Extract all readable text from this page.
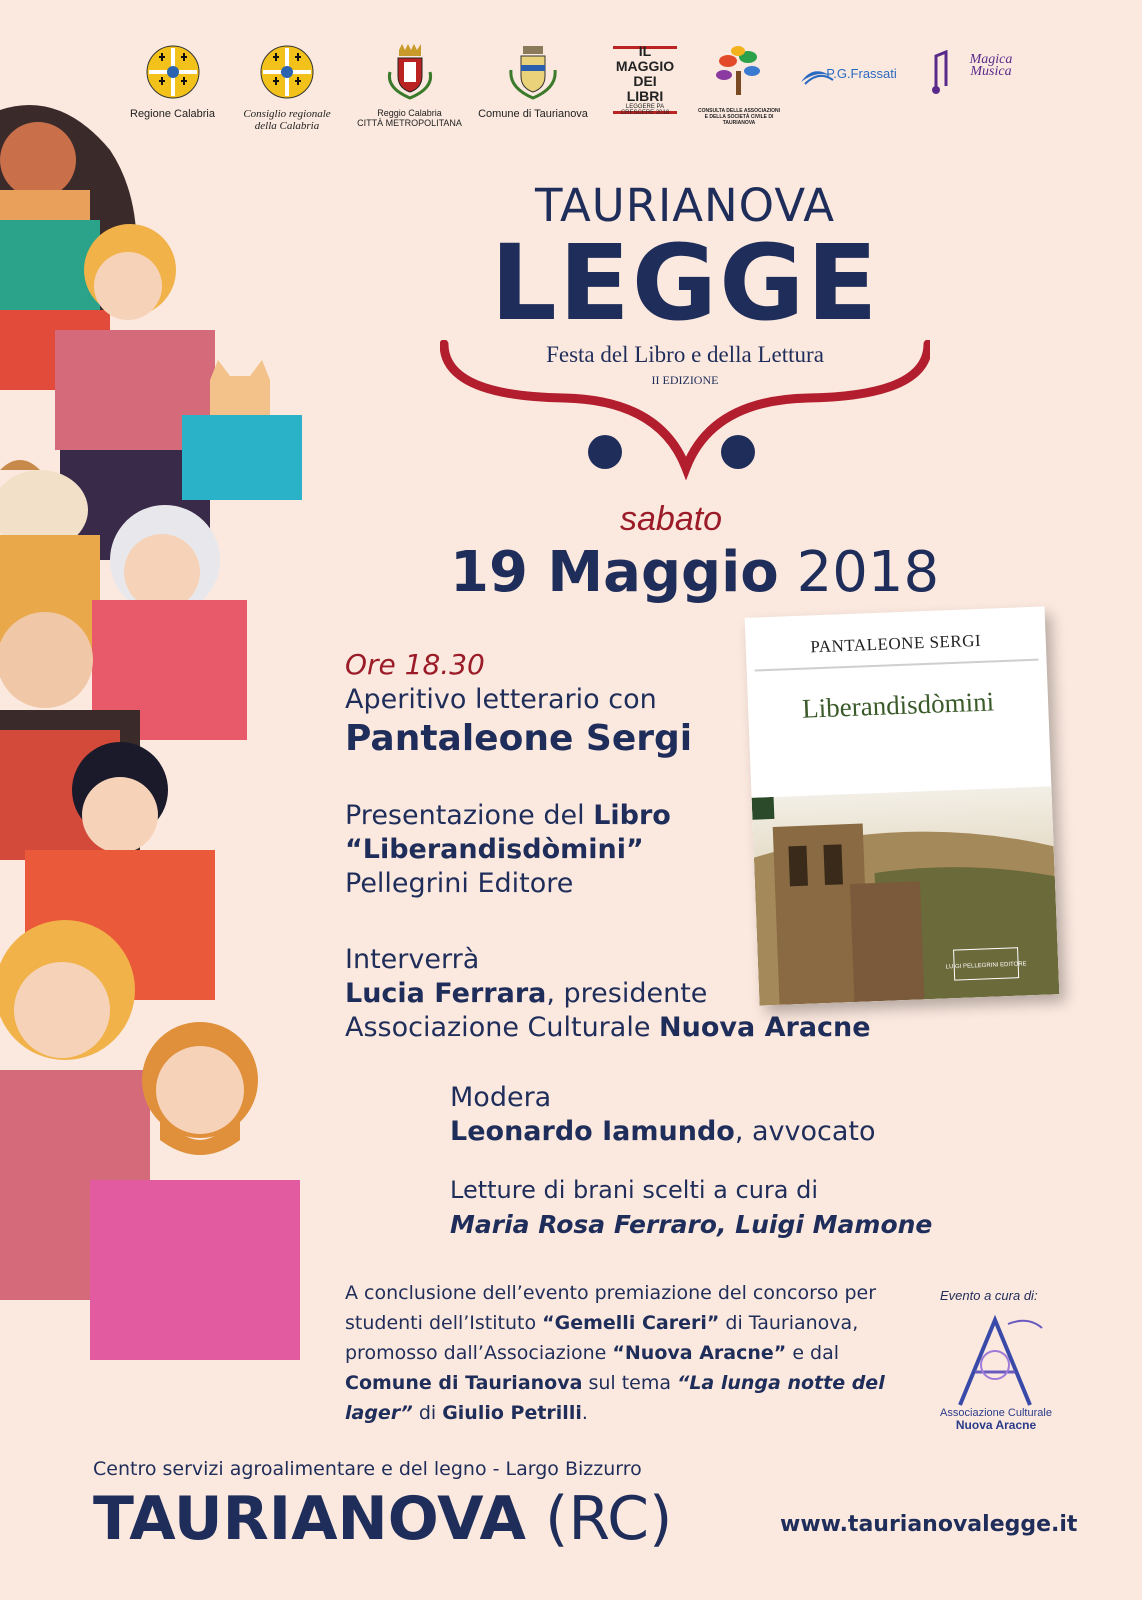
Regione Calabria	Consiglio regionale
della Calabria
Reggio Calabria
CITTÀ METROPOLITANA
Comune di Taurianova
IL MAGGIO DEI LIBRI
LEGGERE PA CRESCERE 2018	CONSULTA DELLE ASSOCIAZIONI E DELLA SOCIETÀ CIVILE DI TAURIANOVA
P.G.Frassati
Magica Musica
TAURIANOVA
LEGGE
Festa del Libro e della Lettura
II EDIZIONE
sabato
19 Maggio 2018
Ore 18.30
Aperitivo letterario con
Pantaleone Sergi
Presentazione del Libro
“Liberandisdòmini”
Pellegrini Editore
Interverrà
Lucia Ferrara, presidente
Associazione Culturale Nuova Aracne
Modera
Leonardo Iamundo, avvocato
Letture di brani scelti a cura di
Maria Rosa Ferraro, Luigi Mamone
PANTALEONE SERGI
Liberandisdòmini
LUIGI PELLEGRINI EDITORE
A conclusione dell’evento premiazione del concorso per studenti dell’Istituto “Gemelli Careri” di Taurianova, promosso dall’Associazione “Nuova Aracne” e dal Comune di Taurianova sul tema “La lunga notte del lager” di Giulio Petrilli.
Evento a cura di:
Associazione Culturale
Nuova Aracne
Centro servizi agroalimentare e del legno - Largo Bizzurro
TAURIANOVA (RC)	www.taurianovalegge.it
